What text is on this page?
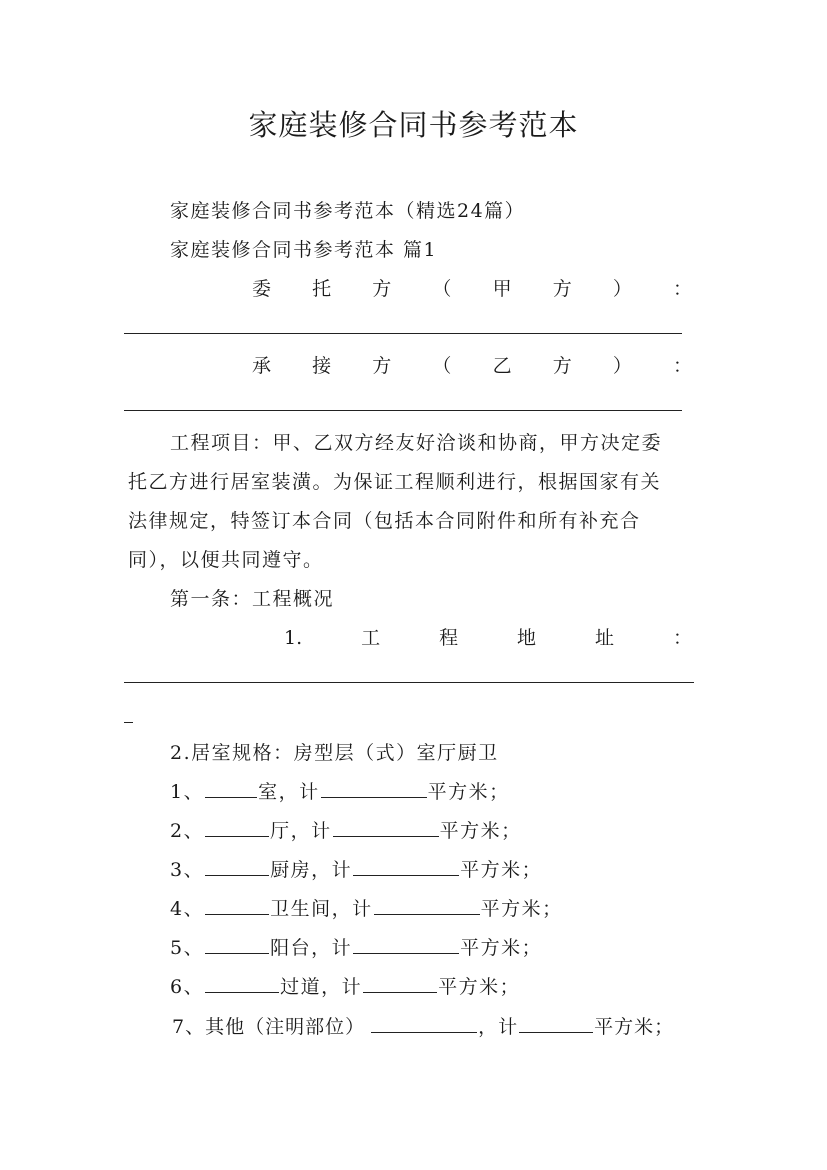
家庭装修合同书参考范本
家庭装修合同书参考范本（精选24篇）
家庭装修合同书参考范本 篇1
委 托 方 （ 甲 方 ） ：
承 接 方 （ 乙 方 ） ：
工程项目：甲、乙双方经友好洽谈和协商，甲方决定委
托乙方进行居室装潢。为保证工程顺利进行，根据国家有关
法律规定，特签订本合同（包括本合同附件和所有补充合
同），以便共同遵守。
第一条：工程概况
1.	工	程	地	址	：
2.居室规格：房型层（式）室厅厨卫
1、	室，计	平方米；
2、	厅，计	平方米；
3、	厨房，计	平方米；
4、	卫生间，计	平方米；
5、	阳台，计	平方米；
6、	过道，计	平方米；
7、其他（注明部位）	，计	平方米；
